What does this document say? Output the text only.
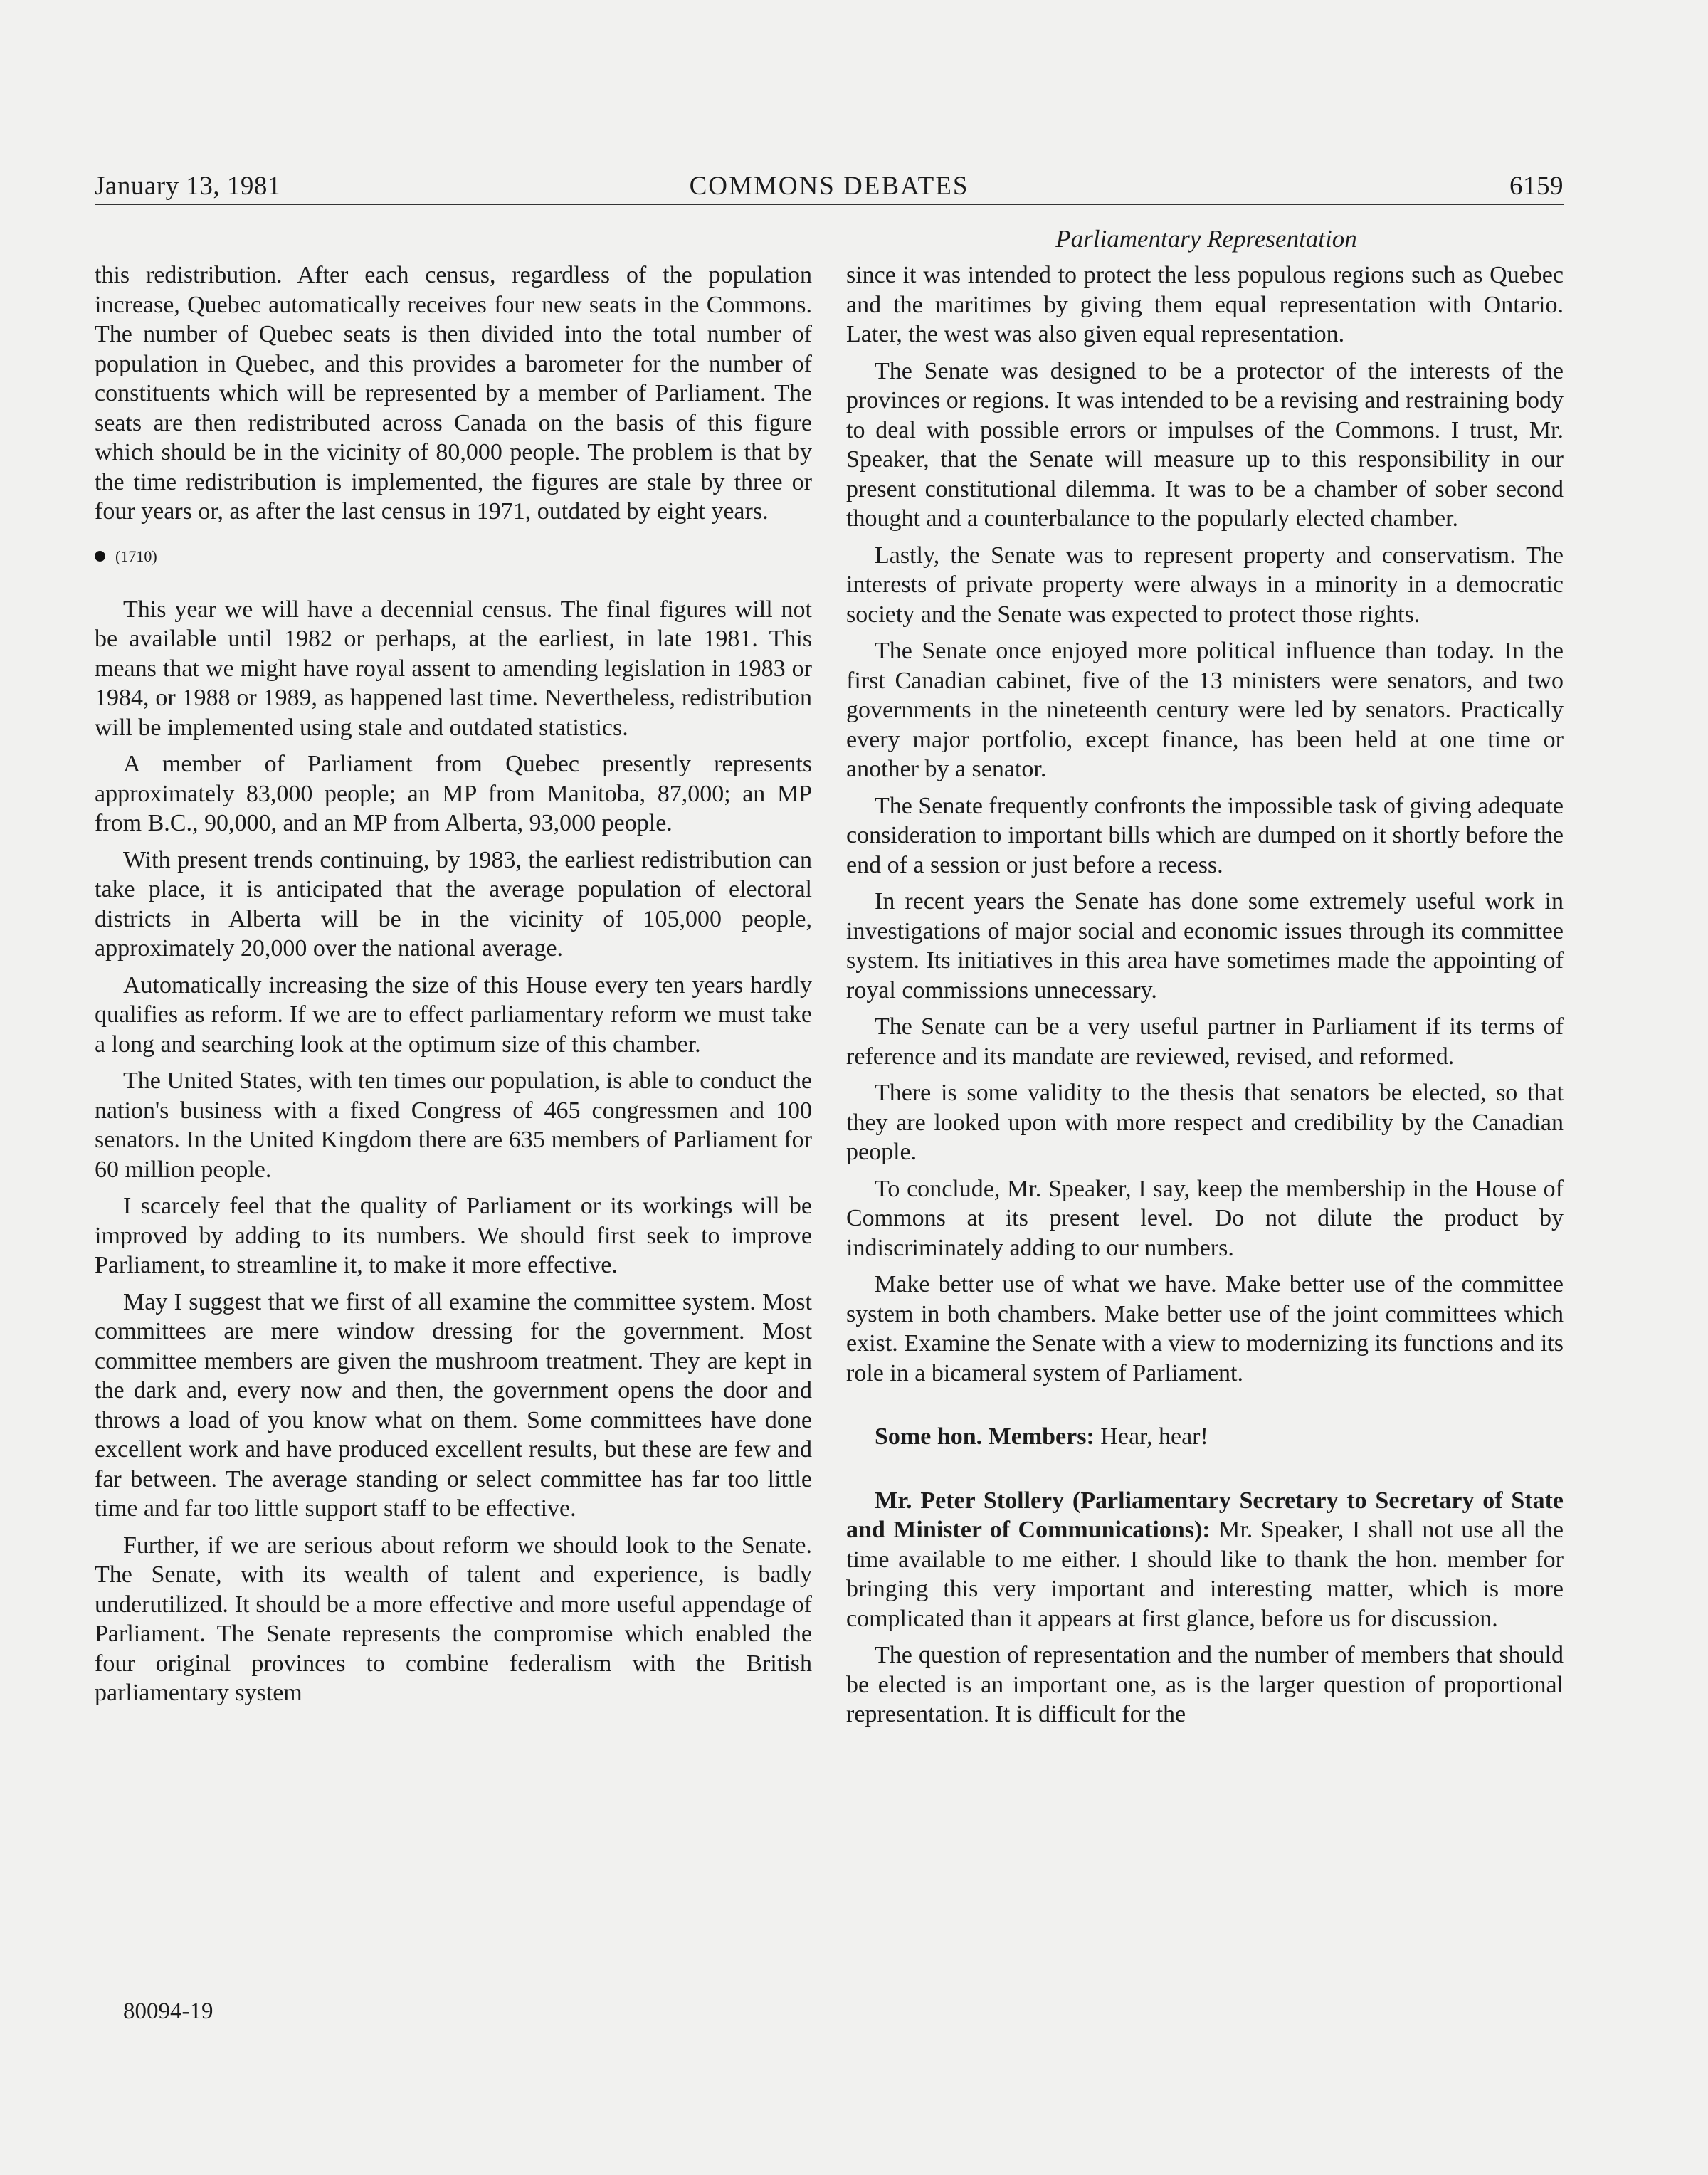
January 13, 1981	COMMONS DEBATES	6159
Parliamentary Representation

this redistribution. After each census, regardless of the population increase, Quebec automatically receives four new seats in the Commons. The number of Quebec seats is then divided into the total number of population in Quebec, and this provides a barometer for the number of constituents which will be represented by a member of Parliament. The seats are then redistributed across Canada on the basis of this figure which should be in the vicinity of 80,000 people. The problem is that by the time redistribution is implemented, the figures are stale by three or four years or, as after the last census in 1971, outdated by eight years.

(1710)

This year we will have a decennial census. The final figures will not be available until 1982 or perhaps, at the earliest, in late 1981. This means that we might have royal assent to amending legislation in 1983 or 1984, or 1988 or 1989, as happened last time. Nevertheless, redistribution will be implemented using stale and outdated statistics.

A member of Parliament from Quebec presently represents approximately 83,000 people; an MP from Manitoba, 87,000; an MP from B.C., 90,000, and an MP from Alberta, 93,000 people.

With present trends continuing, by 1983, the earliest redistribution can take place, it is anticipated that the average population of electoral districts in Alberta will be in the vicinity of 105,000 people, approximately 20,000 over the national average.

Automatically increasing the size of this House every ten years hardly qualifies as reform. If we are to effect parliamentary reform we must take a long and searching look at the optimum size of this chamber.

The United States, with ten times our population, is able to conduct the nation's business with a fixed Congress of 465 congressmen and 100 senators. In the United Kingdom there are 635 members of Parliament for 60 million people.

I scarcely feel that the quality of Parliament or its workings will be improved by adding to its numbers. We should first seek to improve Parliament, to streamline it, to make it more effective.

May I suggest that we first of all examine the committee system. Most committees are mere window dressing for the government. Most committee members are given the mushroom treatment. They are kept in the dark and, every now and then, the government opens the door and throws a load of you know what on them. Some committees have done excellent work and have produced excellent results, but these are few and far between. The average standing or select committee has far too little time and far too little support staff to be effective.

Further, if we are serious about reform we should look to the Senate. The Senate, with its wealth of talent and experience, is badly underutilized. It should be a more effective and more useful appendage of Parliament. The Senate represents the compromise which enabled the four original provinces to combine federalism with the British parliamentary system

since it was intended to protect the less populous regions such as Quebec and the maritimes by giving them equal representation with Ontario. Later, the west was also given equal representation.

The Senate was designed to be a protector of the interests of the provinces or regions. It was intended to be a revising and restraining body to deal with possible errors or impulses of the Commons. I trust, Mr. Speaker, that the Senate will measure up to this responsibility in our present constitutional dilemma. It was to be a chamber of sober second thought and a counterbalance to the popularly elected chamber.

Lastly, the Senate was to represent property and conservatism. The interests of private property were always in a minority in a democratic society and the Senate was expected to protect those rights.

The Senate once enjoyed more political influence than today. In the first Canadian cabinet, five of the 13 ministers were senators, and two governments in the nineteenth century were led by senators. Practically every major portfolio, except finance, has been held at one time or another by a senator.

The Senate frequently confronts the impossible task of giving adequate consideration to important bills which are dumped on it shortly before the end of a session or just before a recess.

In recent years the Senate has done some extremely useful work in investigations of major social and economic issues through its committee system. Its initiatives in this area have sometimes made the appointing of royal commissions unnecessary.

The Senate can be a very useful partner in Parliament if its terms of reference and its mandate are reviewed, revised, and reformed.

There is some validity to the thesis that senators be elected, so that they are looked upon with more respect and credibility by the Canadian people.

To conclude, Mr. Speaker, I say, keep the membership in the House of Commons at its present level. Do not dilute the product by indiscriminately adding to our numbers.

Make better use of what we have. Make better use of the committee system in both chambers. Make better use of the joint committees which exist. Examine the Senate with a view to modernizing its functions and its role in a bicameral system of Parliament.

Some hon. Members: Hear, hear!

Mr. Peter Stollery (Parliamentary Secretary to Secretary of State and Minister of Communications): Mr. Speaker, I shall not use all the time available to me either. I should like to thank the hon. member for bringing this very important and interesting matter, which is more complicated than it appears at first glance, before us for discussion.

The question of representation and the number of members that should be elected is an important one, as is the larger question of proportional representation. It is difficult for the

80094-19
